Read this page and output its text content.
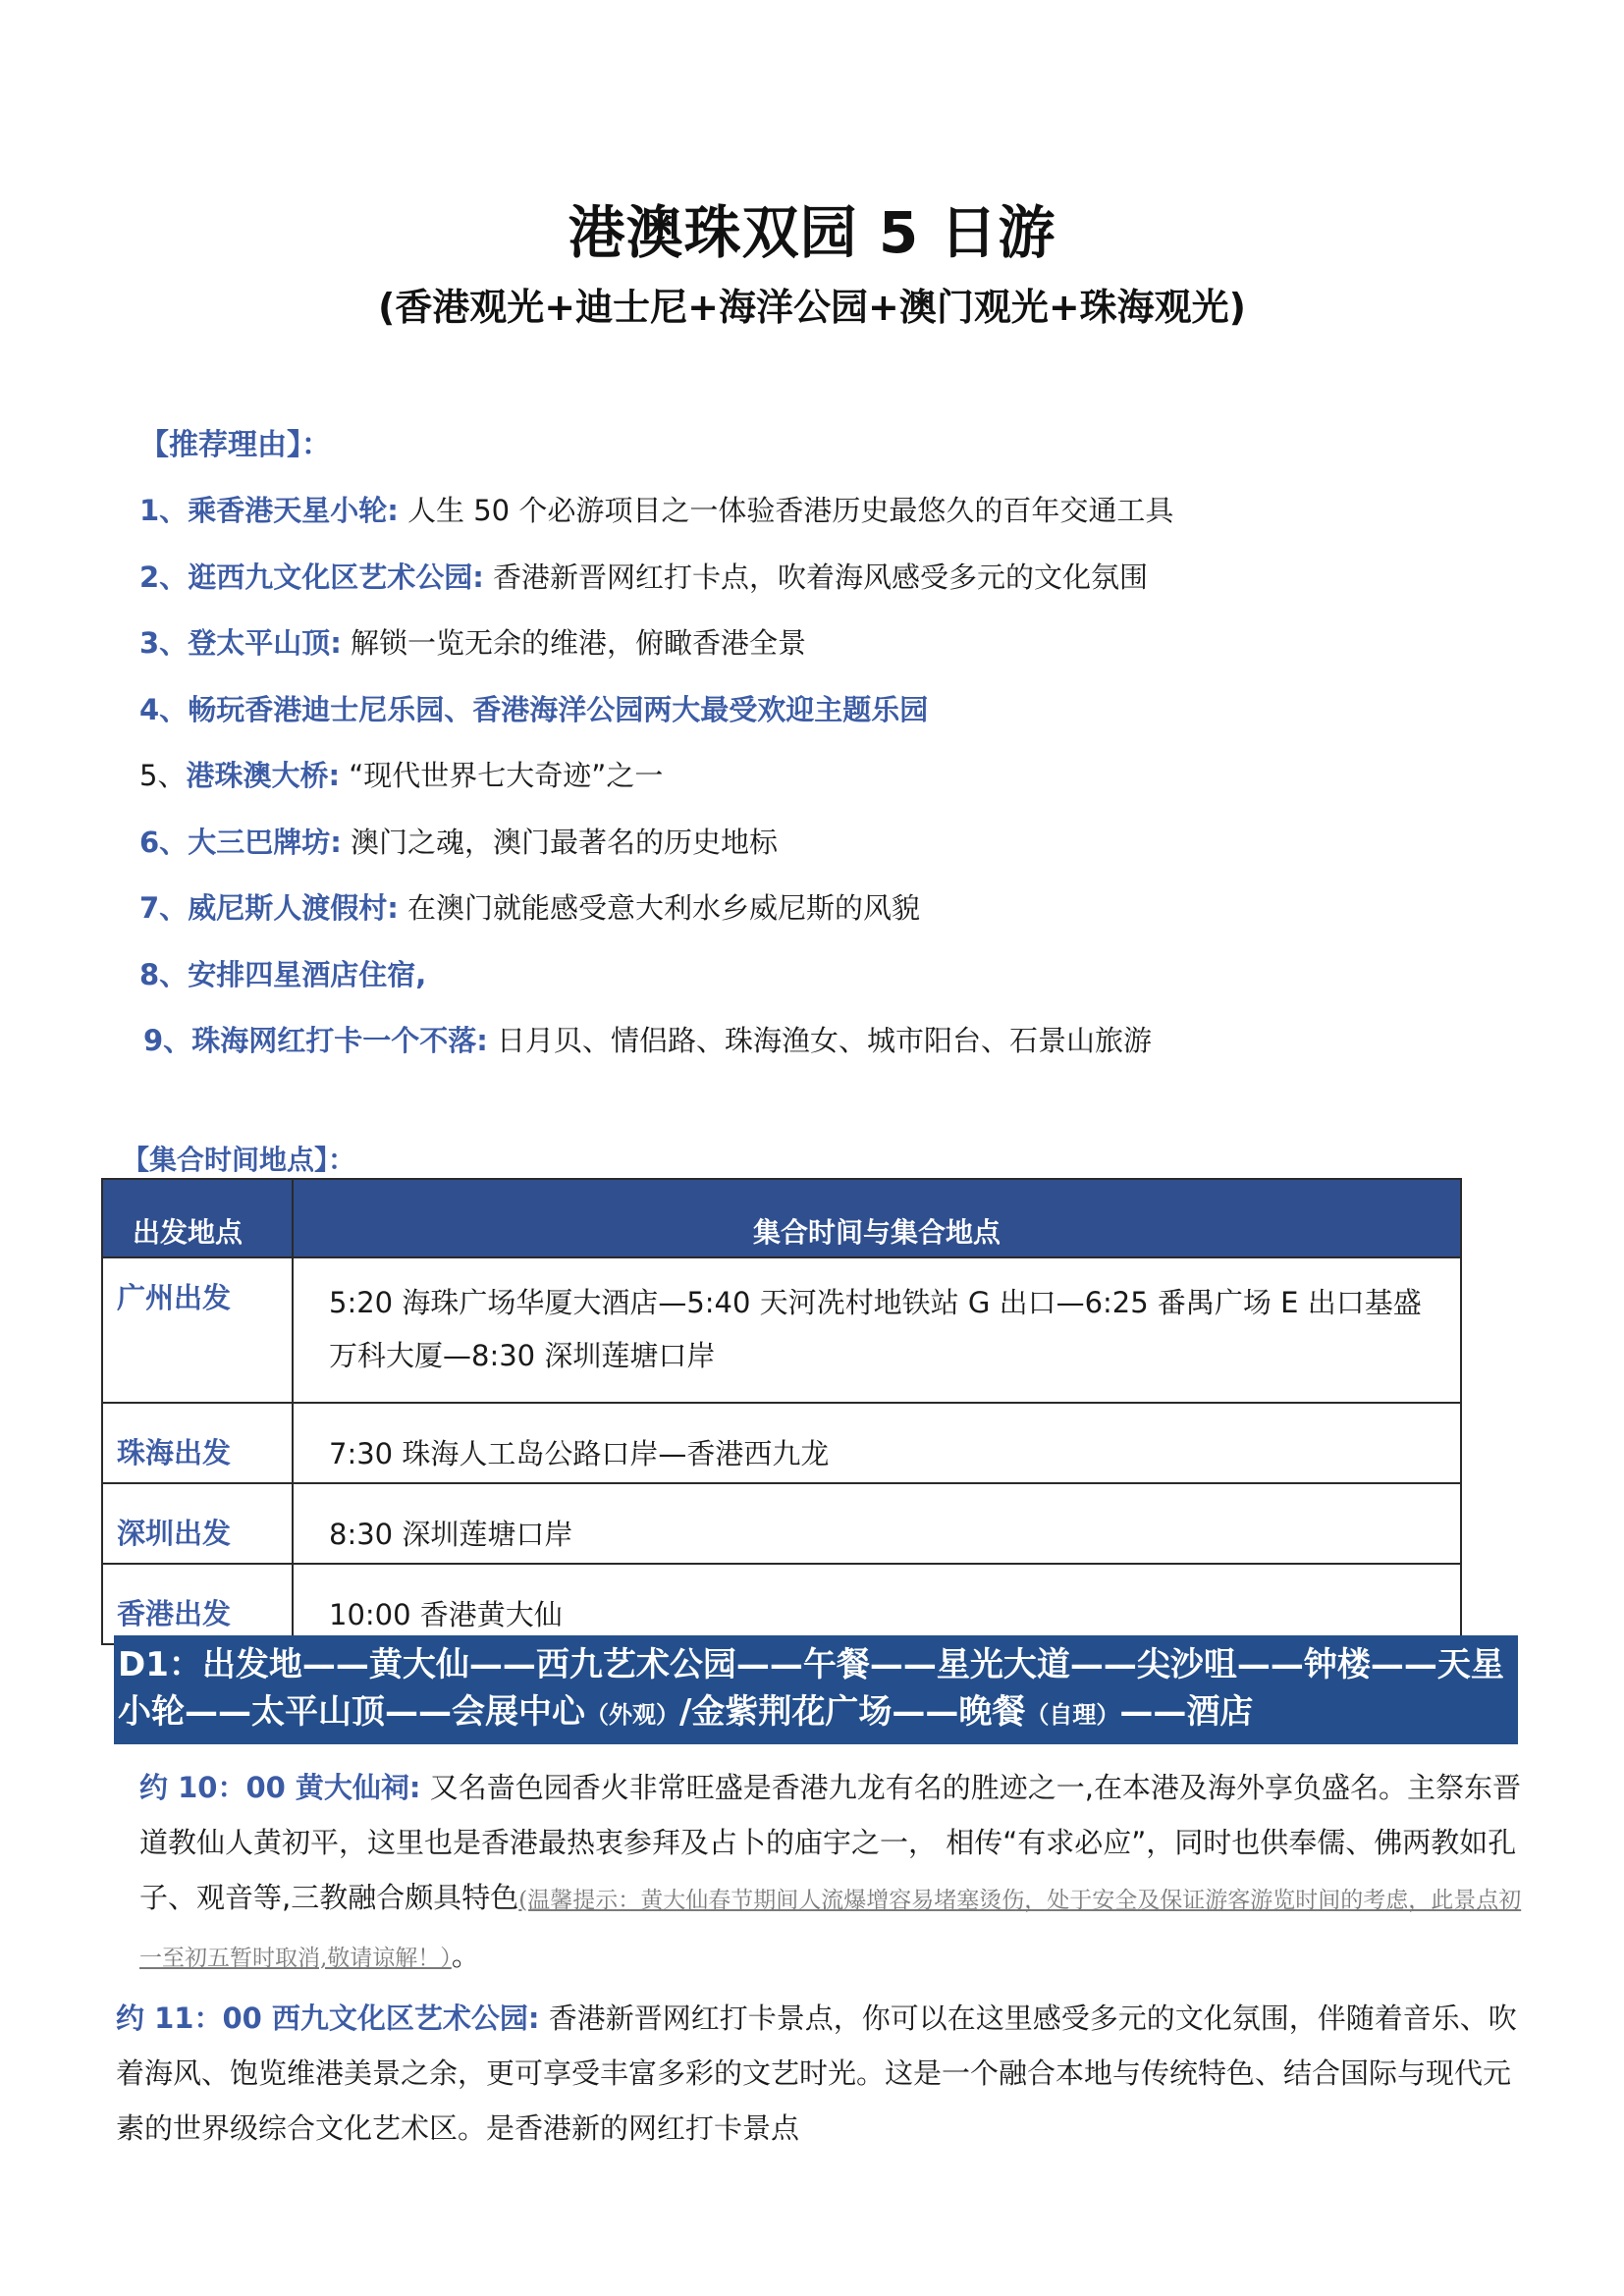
港澳珠双园 5 日游
(香港观光+迪士尼+海洋公园+澳门观光+珠海观光)
【推荐理由】：
1、乘香港天星小轮: 人生 50 个必游项目之一体验香港历史最悠久的百年交通工具
2、逛西九文化区艺术公园: 香港新晋网红打卡点，吹着海风感受多元的文化氛围
3、登太平山顶: 解锁一览无余的维港，俯瞰香港全景
4、畅玩香港迪士尼乐园、香港海洋公园两大最受欢迎主题乐园
5、港珠澳大桥: “现代世界七大奇迹”之一
6、大三巴牌坊: 澳门之魂，澳门最著名的历史地标
7、威尼斯人渡假村: 在澳门就能感受意大利水乡威尼斯的风貌
8、安排四星酒店住宿,
9、珠海网红打卡一个不落: 日月贝、情侣路、珠海渔女、城市阳台、石景山旅游
【集合时间地点】：
出发地点	集合时间与集合地点
广州出发	5:20 海珠广场华厦大酒店—5:40 天河冼村地铁站 G 出口—6:25 番禺广场 E 出口基盛万科大厦—8:30 深圳莲塘口岸
珠海出发	7:30 珠海人工岛公路口岸—香港西九龙
深圳出发	8:30 深圳莲塘口岸
香港出发	10:00 香港黄大仙
D1：出发地——黄大仙——西九艺术公园——午餐——星光大道——尖沙咀——钟楼——天星小轮——太平山顶——会展中心（外观）/金紫荆花广场——晚餐（自理）——酒店
约 10：00 黄大仙祠: 又名啬色园香火非常旺盛是香港九龙有名的胜迹之一,在本港及海外享负盛名。主祭东晋道教仙人黄初平，这里也是香港最热衷参拜及占卜的庙宇之一， 相传“有求必应”，同时也供奉儒、佛两教如孔子、观音等,三教融合颇具特色(温馨提示：黄大仙春节期间人流爆增容易堵塞烫伤，处于安全及保证游客游览时间的考虑，此景点初一至初五暂时取消,敬请谅解！）。
约 11：00 西九文化区艺术公园: 香港新晋网红打卡景点，你可以在这里感受多元的文化氛围，伴随着音乐、吹着海风、饱览维港美景之余，更可享受丰富多彩的文艺时光。这是一个融合本地与传统特色、结合国际与现代元素的世界级综合文化艺术区。是香港新的网红打卡景点
